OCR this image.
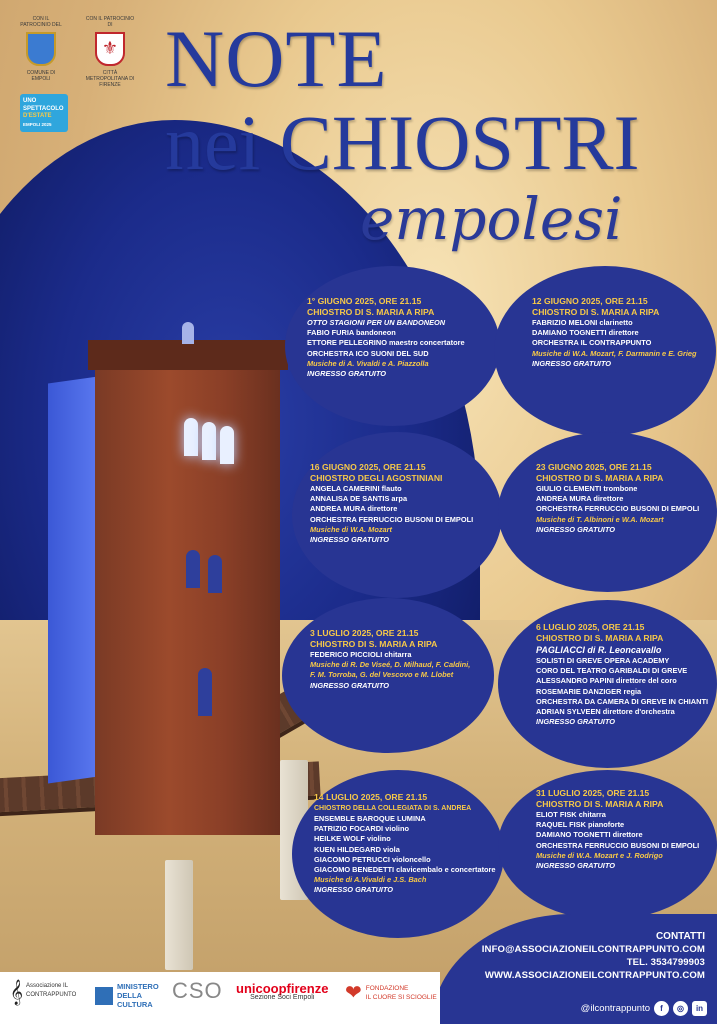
CON IL PATROCINIO DEL
COMUNE DI EMPOLI
CON IL PATROCINIO DI
⚜
CITTÀ METROPOLITANA DI FIRENZE
UNO
SPETTACOLO
D'ESTATE
EMPOLI 2025
NOTE
nei CHIOSTRI
empolesi
1° GIUGNO 2025, ORE 21.15
CHIOSTRO DI S. MARIA A RIPA
OTTO STAGIONI PER UN BANDONEON
FABIO FURIA bandoneon
ETTORE PELLEGRINO maestro concertatore
ORCHESTRA ICO SUONI DEL SUD
Musiche di A. Vivaldi e A. Piazzolla
INGRESSO GRATUITO
12 GIUGNO 2025, ORE 21.15
CHIOSTRO DI S. MARIA A RIPA
FABRIZIO MELONI clarinetto
DAMIANO TOGNETTI direttore
ORCHESTRA IL CONTRAPPUNTO
Musiche di W.A. Mozart, F. Darmanin e E. Grieg
INGRESSO GRATUITO
16 GIUGNO 2025, ORE 21.15
CHIOSTRO DEGLI AGOSTINIANI
ANGELA CAMERINI flauto
ANNALISA DE SANTIS arpa
ANDREA MURA direttore
ORCHESTRA FERRUCCIO BUSONI DI EMPOLI
Musiche di W.A. Mozart
INGRESSO GRATUITO
23 GIUGNO 2025, ORE 21.15
CHIOSTRO DI S. MARIA A RIPA
GIULIO CLEMENTI trombone
ANDREA MURA direttore
ORCHESTRA FERRUCCIO BUSONI DI EMPOLI
Musiche di T. Albinoni e W.A. Mozart
INGRESSO GRATUITO
3 LUGLIO 2025, ORE 21.15
CHIOSTRO DI S. MARIA A RIPA
FEDERICO PICCIOLI chitarra
Musiche di R. De Viseé, D. Milhaud, F. Caldini,
F. M. Torroba, G. del Vescovo e M. Llobet
INGRESSO GRATUITO
6 LUGLIO 2025, ORE 21.15
CHIOSTRO DI S. MARIA A RIPA
PAGLIACCI di R. Leoncavallo
SOLISTI DI GREVE OPERA ACADEMY
CORO DEL TEATRO GARIBALDI DI GREVE
ALESSANDRO PAPINI direttore del coro
ROSEMARIE DANZIGER regia
ORCHESTRA DA CAMERA DI GREVE IN CHIANTI
ADRIAN SYLVEEN direttore d'orchestra
INGRESSO GRATUITO
14 LUGLIO 2025, ORE 21.15
CHIOSTRO DELLA COLLEGIATA DI S. ANDREA
ENSEMBLE BAROQUE LUMINA
PATRIZIO FOCARDI violino
HEILKE WOLF violino
KUEN HILDEGARD viola
GIACOMO PETRUCCI violoncello
GIACOMO BENEDETTI clavicembalo e concertatore
Musiche di A.Vivaldi e J.S. Bach
INGRESSO GRATUITO
31 LUGLIO 2025, ORE 21.15
CHIOSTRO DI S. MARIA A RIPA
ELIOT FISK chitarra
RAQUEL FISK pianoforte
DAMIANO TOGNETTI direttore
ORCHESTRA FERRUCCIO BUSONI DI EMPOLI
Musiche di W.A. Mozart e J. Rodrigo
INGRESSO GRATUITO
CONTATTI
INFO@ASSOCIAZIONEILCONTRAPPUNTO.COM
TEL. 3534799903
WWW.ASSOCIAZIONEILCONTRAPPUNTO.COM
@ilcontrappunto	f	◎	in
𝄞 Associazione IL CONTRAPPUNTO
MINISTERO
DELLA
CULTURA
CSO unicoopfirenze
Sezione Soci Empoli	❤ FONDAZIONE
IL CUORE SI SCIOGLIE
